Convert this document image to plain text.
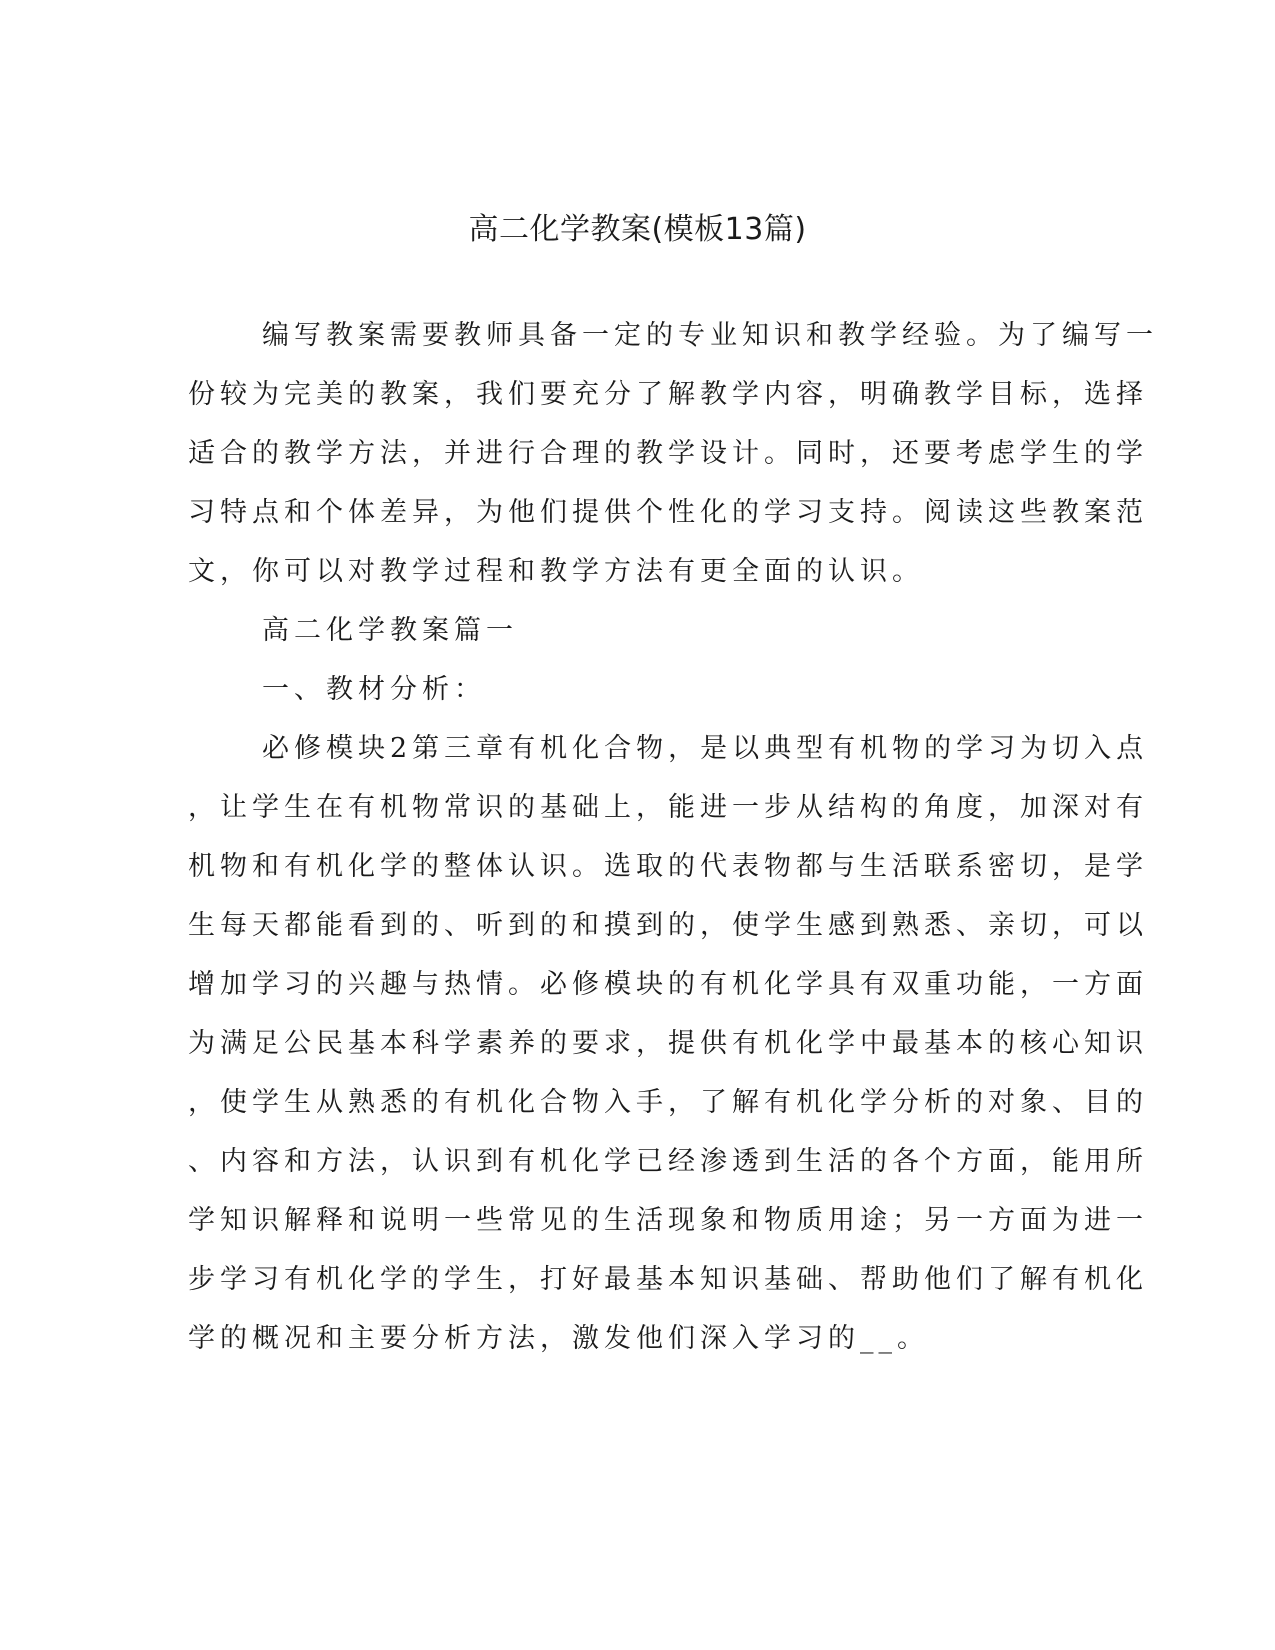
高二化学教案(模板13篇)
编写教案需要教师具备一定的专业知识和教学经验。为了编写一
份较为完美的教案，我们要充分了解教学内容，明确教学目标，选择
适合的教学方法，并进行合理的教学设计。同时，还要考虑学生的学
习特点和个体差异，为他们提供个性化的学习支持。阅读这些教案范
文，你可以对教学过程和教学方法有更全面的认识。
高二化学教案篇一
一、教材分析：
必修模块2第三章有机化合物，是以典型有机物的学习为切入点
，让学生在有机物常识的基础上，能进一步从结构的角度，加深对有
机物和有机化学的整体认识。选取的代表物都与生活联系密切，是学
生每天都能看到的、听到的和摸到的，使学生感到熟悉、亲切，可以
增加学习的兴趣与热情。必修模块的有机化学具有双重功能，一方面
为满足公民基本科学素养的要求，提供有机化学中最基本的核心知识
，使学生从熟悉的有机化合物入手，了解有机化学分析的对象、目的
、内容和方法，认识到有机化学已经渗透到生活的各个方面，能用所
学知识解释和说明一些常见的生活现象和物质用途；另一方面为进一
步学习有机化学的学生，打好最基本知识基础、帮助他们了解有机化
学的概况和主要分析方法，激发他们深入学习的__。
